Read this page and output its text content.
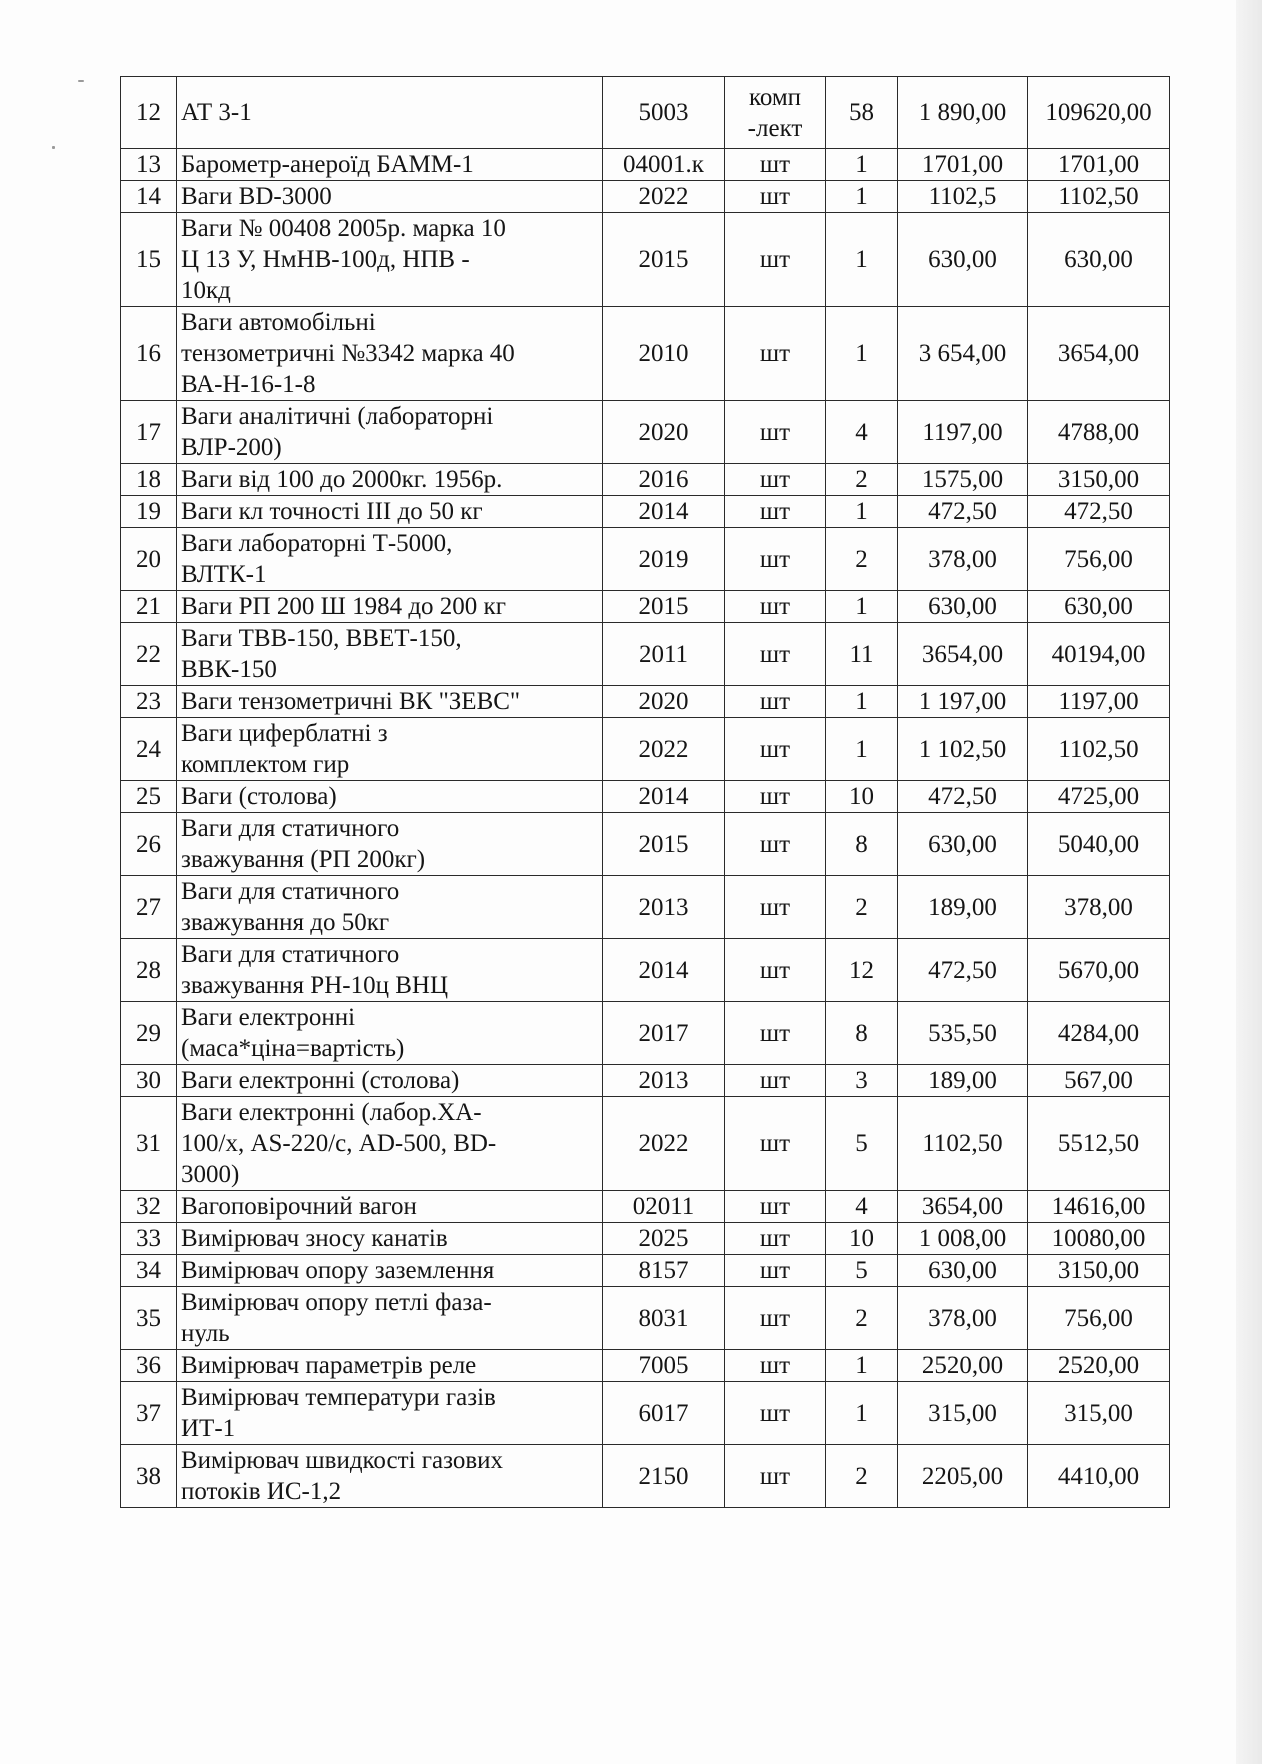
12	АТ 3-1	5003	комп
-лект	58	1 890,00	109620,00
13	Барометр-анероїд БАММ-1	04001.к	шт	1	1701,00	1701,00
14	Ваги BD-3000	2022	шт	1	1102,5	1102,50
15	Ваги № 00408 2005р. марка 10
Ц 13 У, НмНВ-100д, НПВ -
10кд	2015	шт	1	630,00	630,00
16	Ваги автомобільні
тензометричні №3342 марка 40
ВА-Н-16-1-8	2010	шт	1	3 654,00	3654,00
17	Ваги аналітичні (лабораторні
ВЛР-200)	2020	шт	4	1197,00	4788,00
18	Ваги від 100 до 2000кг. 1956р.	2016	шт	2	1575,00	3150,00
19	Ваги кл точності III до 50 кг	2014	шт	1	472,50	472,50
20	Ваги лабораторні Т-5000,
ВЛТК-1	2019	шт	2	378,00	756,00
21	Ваги РП 200 Ш 1984 до 200 кг	2015	шт	1	630,00	630,00
22	Ваги ТВВ-150, ВВЕТ-150,
ВВК-150	2011	шт	11	3654,00	40194,00
23	Ваги тензометричні ВК "ЗЕВС"	2020	шт	1	1 197,00	1197,00
24	Ваги циферблатні з
комплектом гир	2022	шт	1	1 102,50	1102,50
25	Ваги (столова)	2014	шт	10	472,50	4725,00
26	Ваги для статичного
зважування (РП 200кг)	2015	шт	8	630,00	5040,00
27	Ваги для статичного
зважування до 50кг	2013	шт	2	189,00	378,00
28	Ваги для статичного
зважування РН-10ц ВНЦ	2014	шт	12	472,50	5670,00
29	Ваги електронні
(маса*ціна=вартість)	2017	шт	8	535,50	4284,00
30	Ваги електронні (столова)	2013	шт	3	189,00	567,00
31	Ваги електронні (лабор.ХА-
100/х, AS-220/с, AD-500, BD-
3000)	2022	шт	5	1102,50	5512,50
32	Вагоповірочний вагон	02011	шт	4	3654,00	14616,00
33	Вимірювач зносу канатів	2025	шт	10	1 008,00	10080,00
34	Вимірювач опору заземлення	8157	шт	5	630,00	3150,00
35	Вимірювач опору петлі фаза-
нуль	8031	шт	2	378,00	756,00
36	Вимірювач параметрів реле	7005	шт	1	2520,00	2520,00
37	Вимірювач температури газів
ИТ-1	6017	шт	1	315,00	315,00
38	Вимірювач швидкості газових
потоків ИС-1,2	2150	шт	2	2205,00	4410,00
